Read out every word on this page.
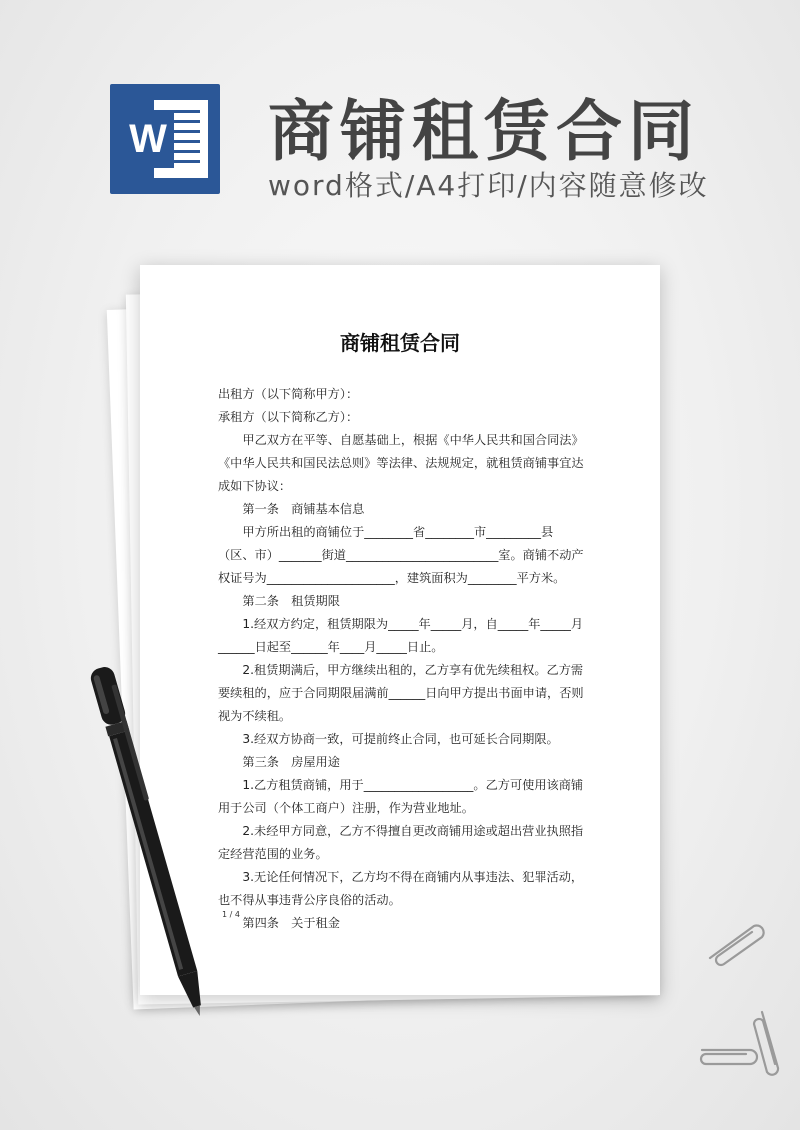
W 商铺租赁合同
word格式/A4打印/内容随意修改
商铺租赁合同

出租方（以下简称甲方）：

承租方（以下简称乙方）：

甲乙双方在平等、自愿基础上，根据《中华人民共和国合同法》《中华人民共和国民法总则》等法律、法规规定，就租赁商铺事宜达成如下协议：

第一条　商铺基本信息

甲方所出租的商铺位于________省________市_________县（区、市）_______街道_________________________室。商铺不动产权证号为_____________________，建筑面积为________平方米。

第二条　租赁期限

1.经双方约定，租赁期限为_____年_____月，自_____年_____月______日起至______年____月_____日止。

2.租赁期满后，甲方继续出租的，乙方享有优先续租权。乙方需要续租的，应于合同期限届满前______日向甲方提出书面申请，否则视为不续租。

3.经双方协商一致，可提前终止合同，也可延长合同期限。

第三条　房屋用途

1.乙方租赁商铺，用于__________________。乙方可使用该商铺用于公司（个体工商户）注册，作为营业地址。

2.未经甲方同意，乙方不得擅自更改商铺用途或超出营业执照指定经营范围的业务。

3.无论任何情况下，乙方均不得在商铺内从事违法、犯罪活动，也不得从事违背公序良俗的活动。

第四条　关于租金

1 / 4
